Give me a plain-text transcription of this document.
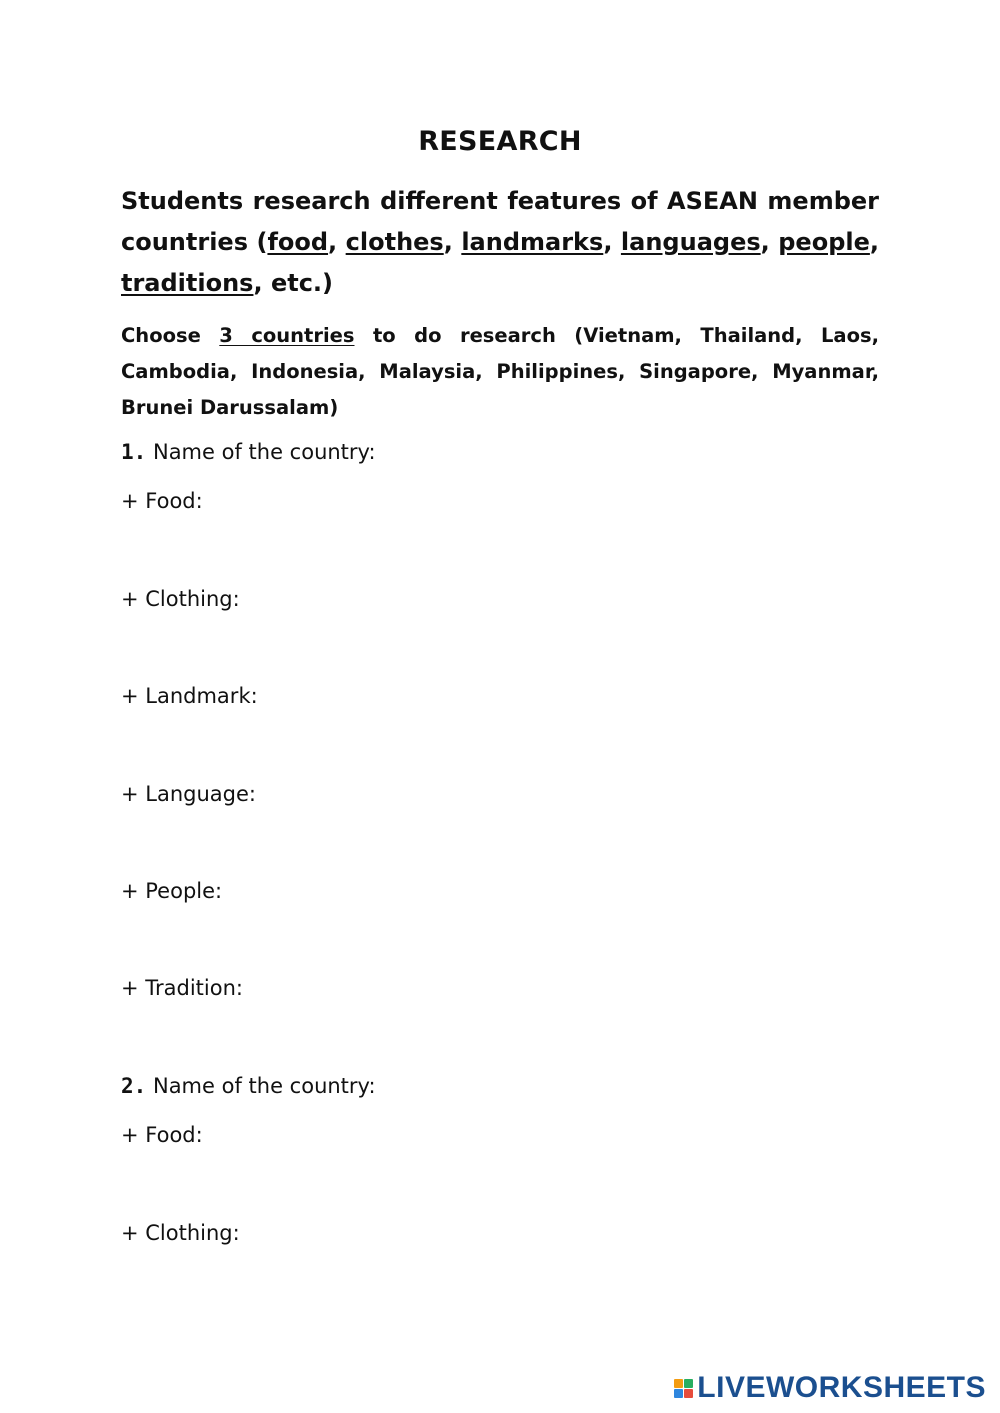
RESEARCH
Students research different features of ASEAN member countries (food, clothes, landmarks, languages, people, traditions, etc.)
Choose 3 countries to do research (Vietnam, Thailand, Laos, Cambodia, Indonesia, Malaysia, Philippines, Singapore, Myanmar, Brunei Darussalam)
1. Name of the country:
+ Food:
+ Clothing:
+ Landmark:
+ Language:
+ People:
+ Tradition:
2. Name of the country:
+ Food:
+ Clothing:
LIVEWORKSHEETS
